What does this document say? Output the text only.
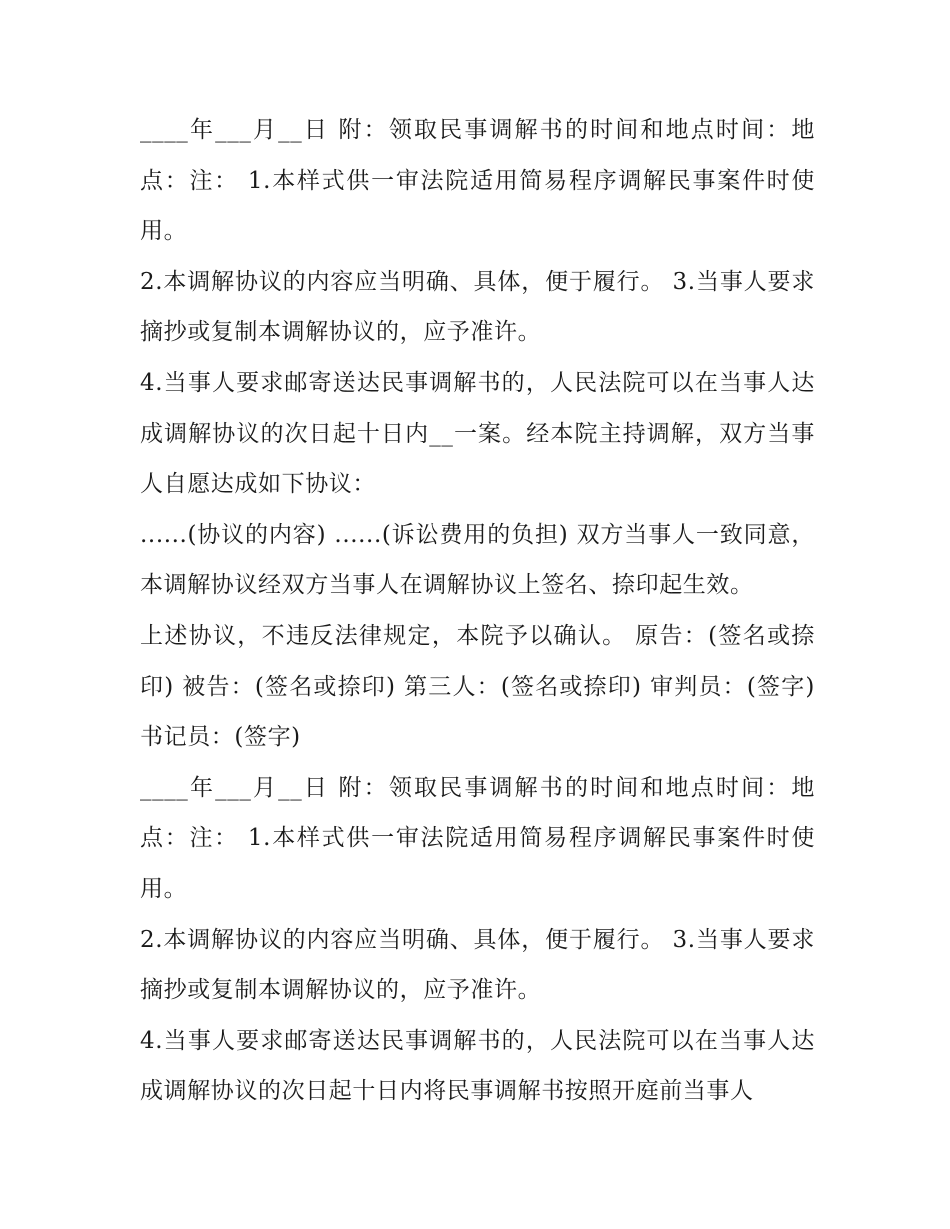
____年___月__日 附：领取民事调解书的时间和地点时间：地点：注： 1.本样式供一审法院适用简易程序调解民事案件时使用。

2.本调解协议的内容应当明确、具体，便于履行。 3.当事人要求摘抄或复制本调解协议的，应予准许。

4.当事人要求邮寄送达民事调解书的，人民法院可以在当事人达成调解协议的次日起十日内__一案。经本院主持调解，双方当事人自愿达成如下协议：

......(协议的内容) ......(诉讼费用的负担) 双方当事人一致同意，本调解协议经双方当事人在调解协议上签名、捺印起生效。

上述协议，不违反法律规定，本院予以确认。 原告：(签名或捺印) 被告：(签名或捺印) 第三人：(签名或捺印) 审判员：(签字) 书记员：(签字)

____年___月__日 附：领取民事调解书的时间和地点时间：地点：注： 1.本样式供一审法院适用简易程序调解民事案件时使用。

2.本调解协议的内容应当明确、具体，便于履行。 3.当事人要求摘抄或复制本调解协议的，应予准许。

4.当事人要求邮寄送达民事调解书的，人民法院可以在当事人达成调解协议的次日起十日内将民事调解书按照开庭前当事人
